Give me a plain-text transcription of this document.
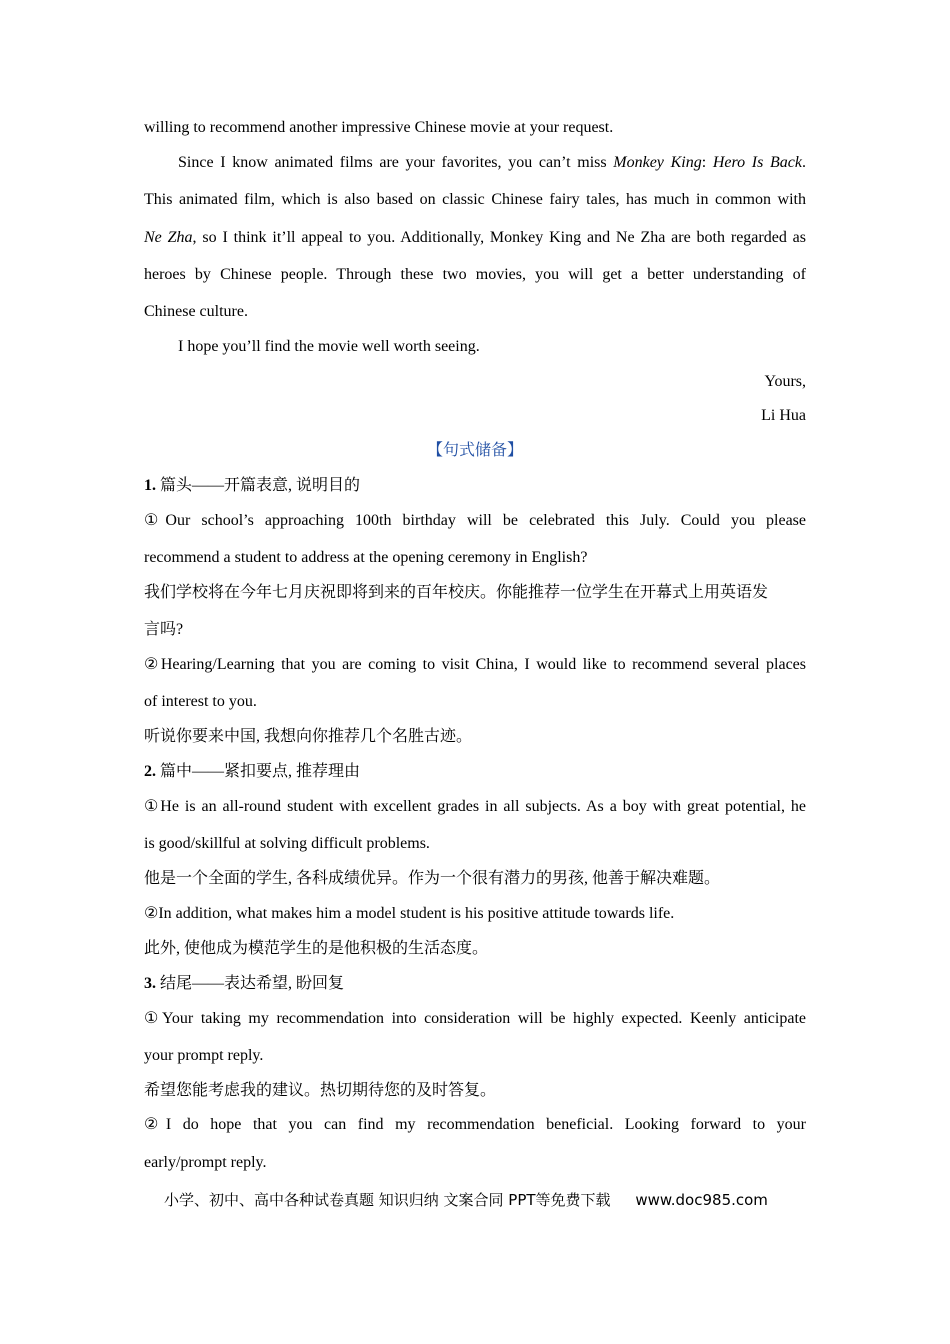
willing to recommend another impressive Chinese movie at your request.
Since I know animated films are your favorites, you can’t miss Monkey King: Hero Is Back.
This animated film, which is also based on classic Chinese fairy tales, has much in common with
Ne Zha, so I think it’ll appeal to you. Additionally, Monkey King and Ne Zha are both regarded as
heroes by Chinese people. Through these two movies, you will get a better understanding of
Chinese culture.
I hope you’ll find the movie well worth seeing.
Yours,
Li Hua
【句式储备】
1. 篇头——开篇表意, 说明目的
①Our school’s approaching 100th birthday will be celebrated this July. Could you please
recommend a student to address at the opening ceremony in English?
我们学校将在今年七月庆祝即将到来的百年校庆。你能推荐一位学生在开幕式上用英语发
言吗?
②Hearing/Learning that you are coming to visit China, I would like to recommend several places
of interest to you.
听说你要来中国, 我想向你推荐几个名胜古迹。
2. 篇中——紧扣要点, 推荐理由
①He is an all-round student with excellent grades in all subjects. As a boy with great potential, he
is good/skillful at solving difficult problems.
他是一个全面的学生, 各科成绩优异。作为一个很有潜力的男孩, 他善于解决难题。
②In addition, what makes him a model student is his positive attitude towards life.
此外, 使他成为模范学生的是他积极的生活态度。
3. 结尾——表达希望, 盼回复
①Your taking my recommendation into consideration will be highly expected. Keenly anticipate
your prompt reply.
希望您能考虑我的建议。热切期待您的及时答复。
②I do hope that you can find my recommendation beneficial. Looking forward to your
early/prompt reply.
小学、初中、高中各种试卷真题 知识归纳 文案合同 PPT等免费下载 www.doc985.com
